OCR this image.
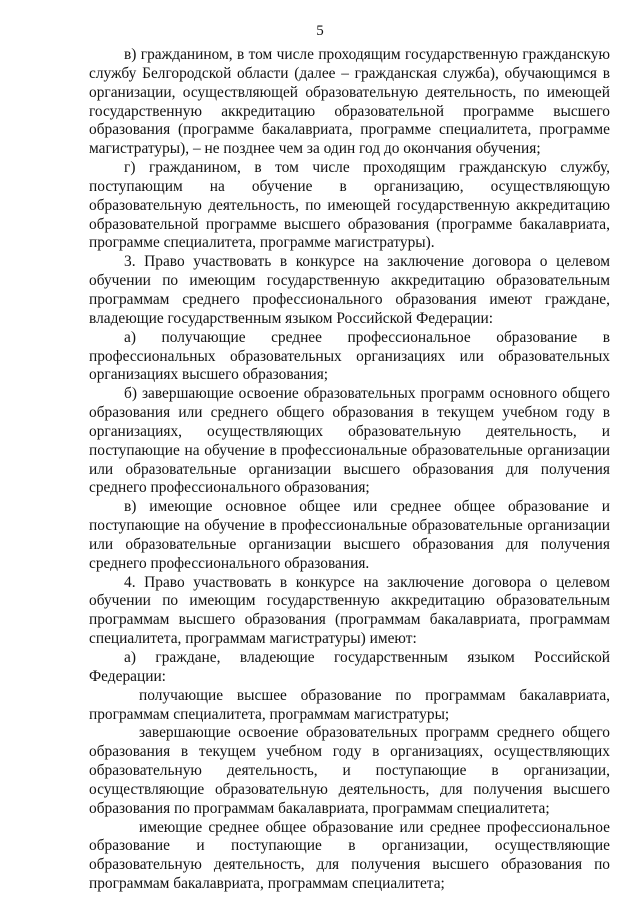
5

в) гражданином, в том числе проходящим государственную гражданскую службу Белгородской области (далее – гражданская служба), обучающимся в организации, осуществляющей образовательную деятельность, по имеющей государственную аккредитацию образовательной программе высшего образования (программе бакалавриата, программе специалитета, программе магистратуры), – не позднее чем за один год до окончания обучения;

г) гражданином, в том числе проходящим гражданскую службу, поступающим на обучение в организацию, осуществляющую образовательную деятельность, по имеющей государственную аккредитацию образовательной программе высшего образования (программе бакалавриата, программе специалитета, программе магистратуры).

3. Право участвовать в конкурсе на заключение договора о целевом обучении по имеющим государственную аккредитацию образовательным программам среднего профессионального образования имеют граждане, владеющие государственным языком Российской Федерации:

а) получающие среднее профессиональное образование в профессиональных образовательных организациях или образовательных организациях высшего образования;

б) завершающие освоение образовательных программ основного общего образования или среднего общего образования в текущем учебном году в организациях, осуществляющих образовательную деятельность, и поступающие на обучение в профессиональные образовательные организации или образовательные организации высшего образования для получения среднего профессионального образования;

в) имеющие основное общее или среднее общее образование и поступающие на обучение в профессиональные образовательные организации или образовательные организации высшего образования для получения среднего профессионального образования.

4. Право участвовать в конкурсе на заключение договора о целевом обучении по имеющим государственную аккредитацию образовательным программам высшего образования (программам бакалавриата, программам специалитета, программам магистратуры) имеют:

а) граждане, владеющие государственным языком Российской Федерации:

получающие высшее образование по программам бакалавриата, программам специалитета, программам магистратуры;

завершающие освоение образовательных программ среднего общего образования в текущем учебном году в организациях, осуществляющих образовательную деятельность, и поступающие в организации, осуществляющие образовательную деятельность, для получения высшего образования по программам бакалавриата, программам специалитета;

имеющие среднее общее образование или среднее профессиональное образование и поступающие в организации, осуществляющие образовательную деятельность, для получения высшего образования по программам бакалавриата, программам специалитета;
